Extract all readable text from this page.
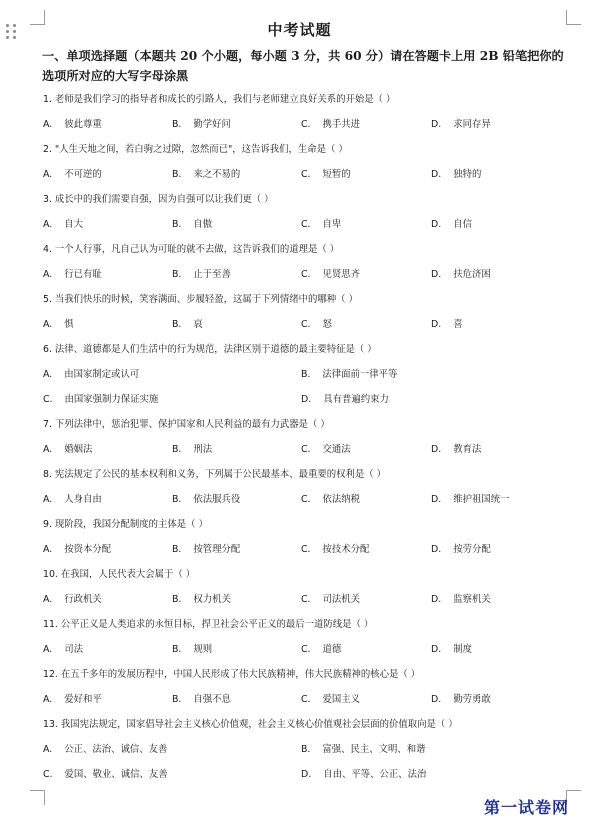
中考试题
一、单项选择题（本题共 20 个小题，每小题 3 分，共 60 分）请在答题卡上用 2B 铅笔把你的选项所对应的大写字母涂黑
1. 老师是我们学习的指导者和成长的引路人，我们与老师建立良好关系的开始是（ ）
A. 彼此尊重	B. 勤学好问	C. 携手共进	D. 求同存异
2. "人生天地之间，若白驹之过隙，忽然而已"，这告诉我们，生命是（ ）
A. 不可逆的	B. 来之不易的	C. 短暂的	D. 独特的
3. 成长中的我们需要自强，因为自强可以让我们更（ ）
A. 自大	B. 自傲	C. 自卑	D. 自信
4. 一个人行事，凡自己认为可耻的就不去做，这告诉我们的道理是（ ）
A. 行已有耻	B. 止于至善	C. 见贤思齐	D. 扶危济困
5. 当我们快乐的时候，笑容满面、步履轻盈，这属于下列情绪中的哪种（ ）
A. 惧	B. 哀	C. 怒	D. 喜
6. 法律、道德都是人们生活中的行为规范，法律区别于道德的最主要特征是（ ）
A. 由国家制定或认可	B. 法律面前一律平等
C. 由国家强制力保证实施	D. 具有普遍约束力
7. 下列法律中，惩治犯罪、保护国家和人民利益的最有力武器是（ ）
A. 婚姻法	B. 刑法	C. 交通法	D. 教育法
8. 宪法规定了公民的基本权利和义务，下列属于公民最基本、最重要的权利是（ ）
A. 人身自由	B. 依法服兵役	C. 依法纳税	D. 维护祖国统一
9. 现阶段，我国分配制度的主体是（ ）
A. 按资本分配	B. 按管理分配	C. 按技术分配	D. 按劳分配
10. 在我国，人民代表大会属于（ ）
A. 行政机关	B. 权力机关	C. 司法机关	D. 监察机关
11. 公平正义是人类追求的永恒目标，捍卫社会公平正义的最后一道防线是（ ）
A. 司法	B. 规则	C. 道德	D. 制度
12. 在五千多年的发展历程中，中国人民形成了伟大民族精神，伟大民族精神的核心是（ ）
A. 爱好和平	B. 自强不息	C. 爱国主义	D. 勤劳勇敢
13. 我国宪法规定，国家倡导社会主义核心价值观，社会主义核心价值观社会层面的价值取向是（ ）
A. 公正、法治、诚信、友善	B. 富强、民主、文明、和谐
C. 爱国、敬业、诚信、友善	D. 自由、平等、公正、法治
第一试卷网
